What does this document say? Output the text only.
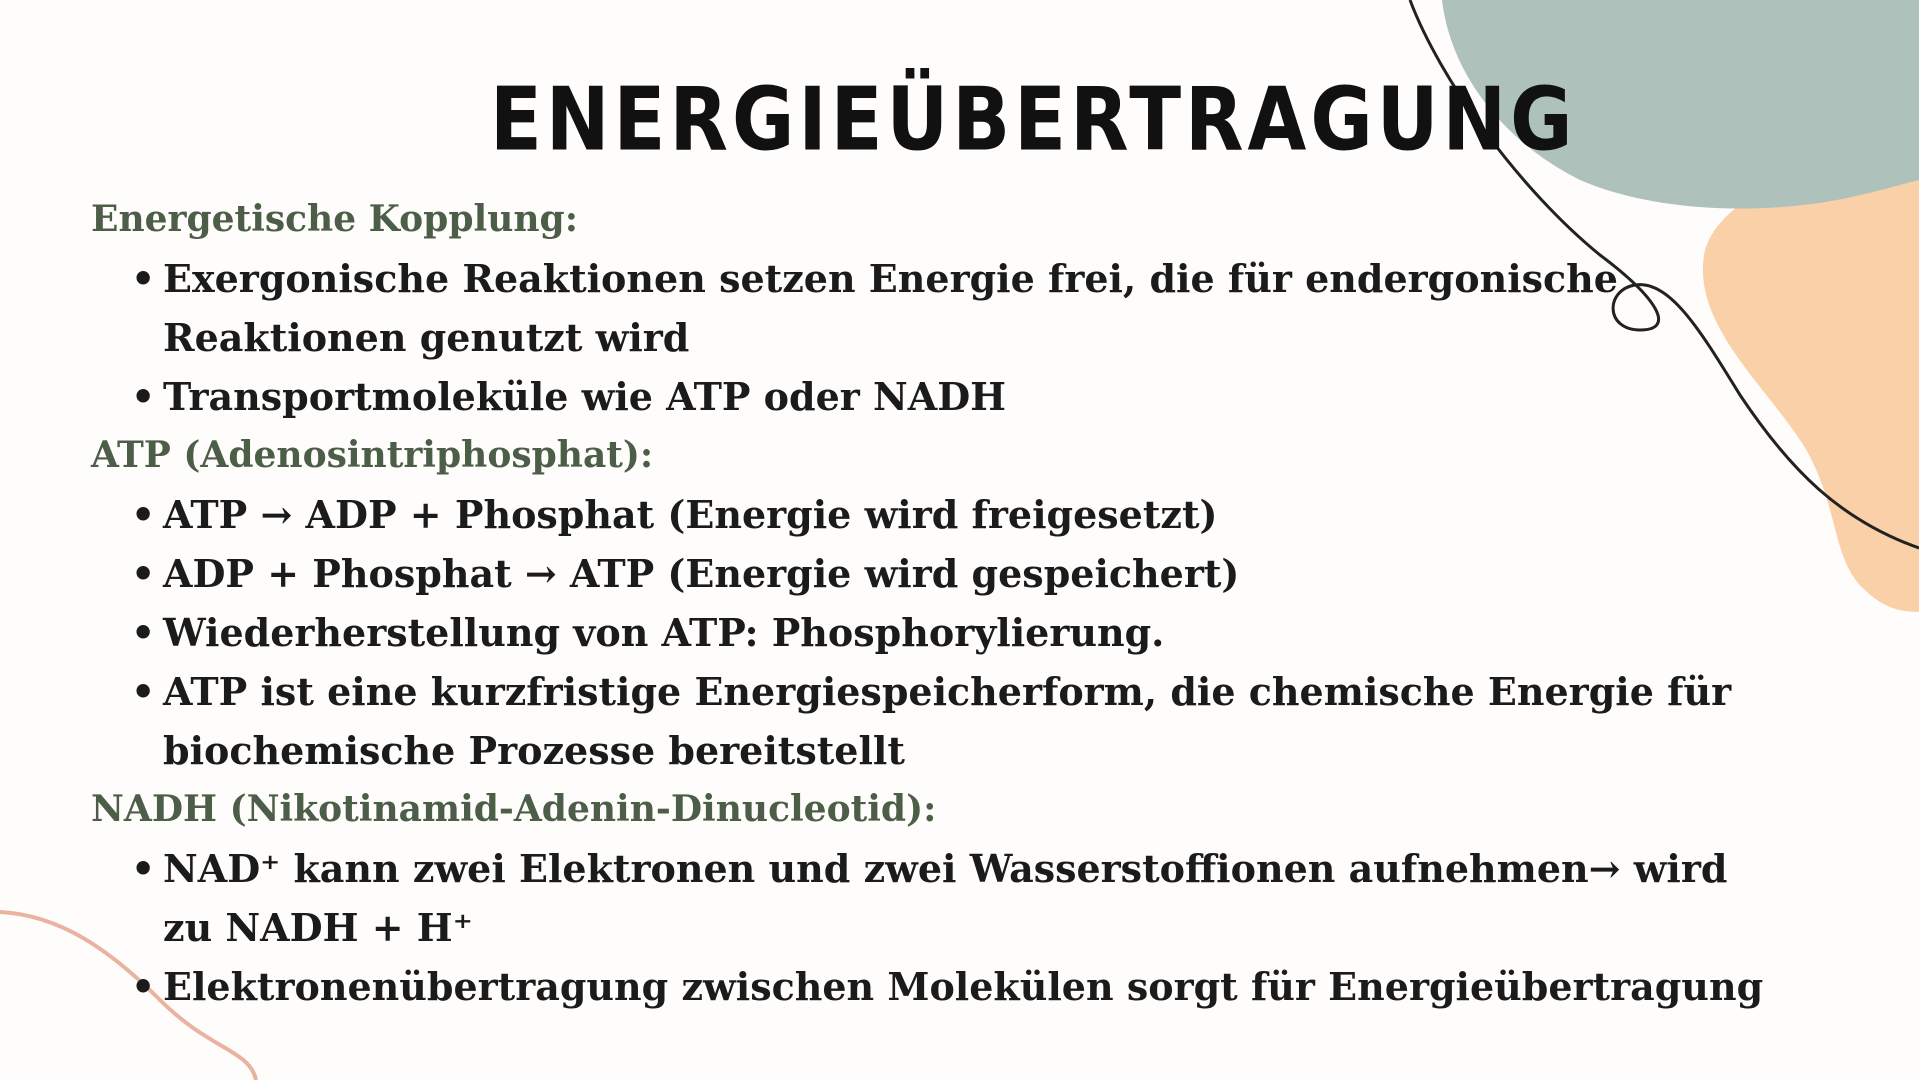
ENERGIEÜBERTRAGUNG

Energetische Kopplung:

• Exergonische Reaktionen setzen Energie frei, die für endergonische
Reaktionen genutzt wird
• Transportmoleküle wie ATP oder NADH

ATP (Adenosintriphosphat):

• ATP → ADP + Phosphat (Energie wird freigesetzt)
• ADP + Phosphat → ATP (Energie wird gespeichert)
• Wiederherstellung von ATP: Phosphorylierung.
• ATP ist eine kurzfristige Energiespeicherform, die chemische Energie für
biochemische Prozesse bereitstellt

NADH (Nikotinamid-Adenin-Dinucleotid):

• NAD⁺ kann zwei Elektronen und zwei Wasserstoffionen aufnehmen→ wird
zu NADH + H⁺
• Elektronenübertragung zwischen Molekülen sorgt für Energieübertragung
